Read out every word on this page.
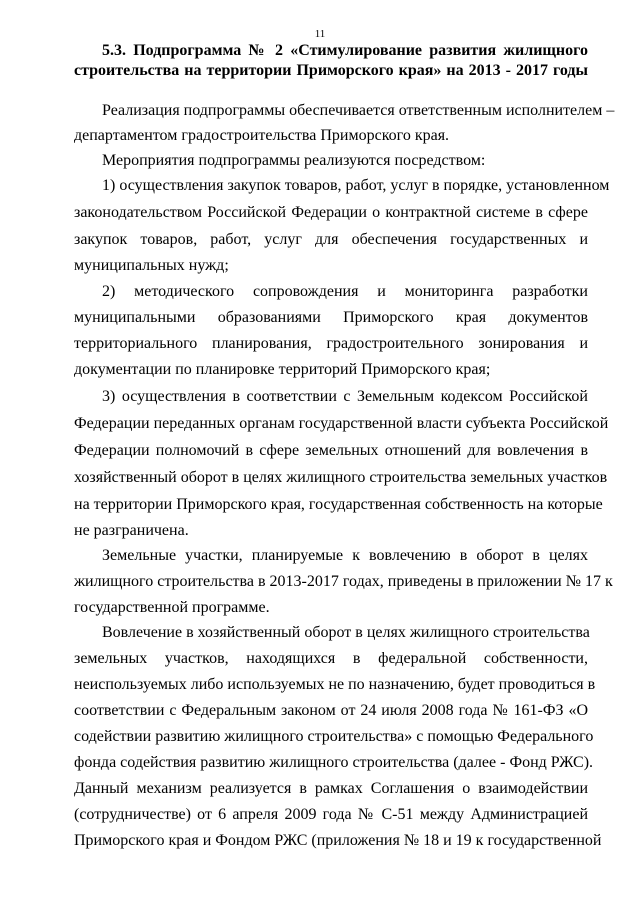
11
5.3. Подпрограмма № 2 «Стимулирование развития жилищного
строительства на территории Приморского края» на 2013 - 2017 годы
Реализация подпрограммы обеспечивается ответственным исполнителем –
департаментом градостроительства Приморского края.
Мероприятия подпрограммы реализуются посредством:
1) осуществления закупок товаров, работ, услуг в порядке, установленном
законодательством Российской Федерации о контрактной системе в сфере
закупок товаров, работ, услуг для обеспечения государственных и
муниципальных нужд;
2) методического сопровождения и мониторинга разработки
муниципальными образованиями Приморского края документов
территориального планирования, градостроительного зонирования и
документации по планировке территорий Приморского края;
3) осуществления в соответствии с Земельным кодексом Российской
Федерации переданных органам государственной власти субъекта Российской
Федерации полномочий в сфере земельных отношений для вовлечения в
хозяйственный оборот в целях жилищного строительства земельных участков
на территории Приморского края, государственная собственность на которые
не разграничена.
Земельные участки, планируемые к вовлечению в оборот в целях
жилищного строительства в 2013-2017 годах, приведены в приложении № 17 к
государственной программе.
Вовлечение в хозяйственный оборот в целях жилищного строительства
земельных участков, находящихся в федеральной собственности,
неиспользуемых либо используемых не по назначению, будет проводиться в
соответствии с Федеральным законом от 24 июля 2008 года № 161-ФЗ «О
содействии развитию жилищного строительства» с помощью Федерального
фонда содействия развитию жилищного строительства (далее - Фонд РЖС).
Данный механизм реализуется в рамках Соглашения о взаимодействии
(сотрудничестве) от 6 апреля 2009 года № С-51 между Администрацией
Приморского края и Фондом РЖС (приложения № 18 и 19 к государственной
